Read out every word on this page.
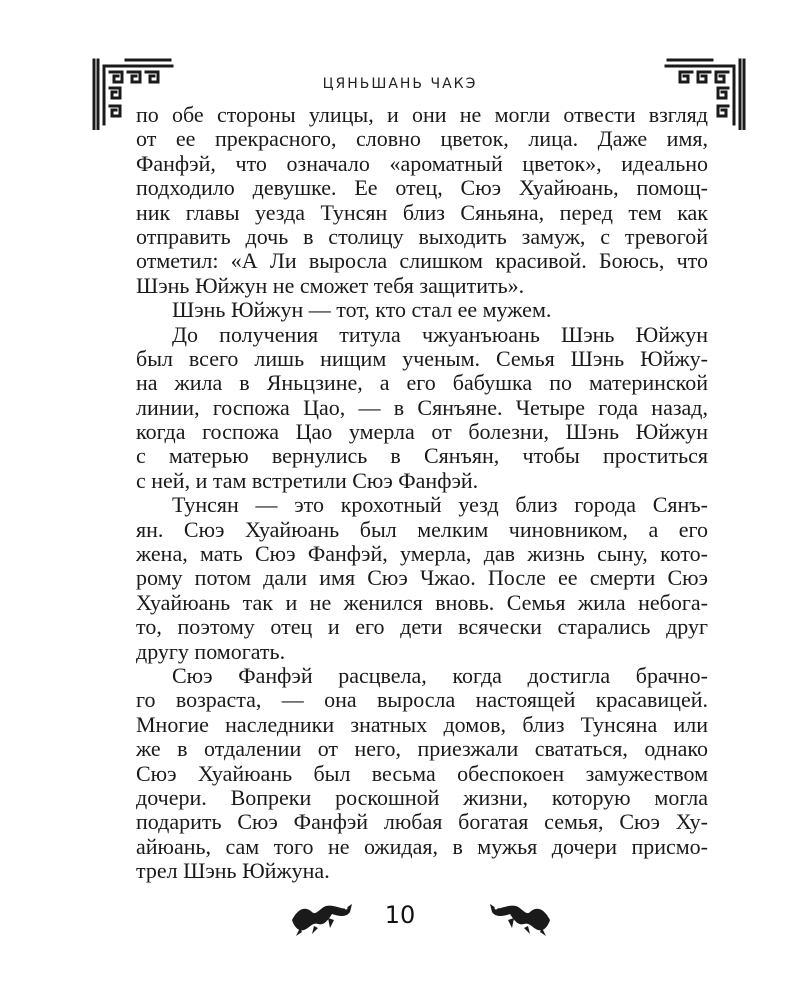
ЦЯНЬШАНЬ ЧАКЭ
по обе стороны улицы, и они не могли отвести взгляд
от ее прекрасного, словно цветок, лица. Даже имя,
Фанфэй, что означало «ароматный цветок», идеально
подходило девушке. Ее отец, Сюэ Хуайюань, помощ-
ник главы уезда Тунсян близ Сяньяна, перед тем как
отправить дочь в столицу выходить замуж, с тревогой
отметил: «А Ли выросла слишком красивой. Боюсь, что
Шэнь Юйжун не сможет тебя защитить».
Шэнь Юйжун — тот, кто стал ее мужем.
До получения титула чжуанъюань Шэнь Юйжун
был всего лишь нищим ученым. Семья Шэнь Юйжу-
на жила в Яньцзине, а его бабушка по материнской
линии, госпожа Цао, — в Сянъяне. Четыре года назад,
когда госпожа Цао умерла от болезни, Шэнь Юйжун
с матерью вернулись в Сянъян, чтобы проститься
с ней, и там встретили Сюэ Фанфэй.
Тунсян — это крохотный уезд близ города Сянъ-
ян. Сюэ Хуайюань был мелким чиновником, а его
жена, мать Сюэ Фанфэй, умерла, дав жизнь сыну, кото-
рому потом дали имя Сюэ Чжао. После ее смерти Сюэ
Хуайюань так и не женился вновь. Семья жила небога-
то, поэтому отец и его дети всячески старались друг
другу помогать.
Сюэ Фанфэй расцвела, когда достигла брачно-
го возраста, — она выросла настоящей красавицей.
Многие наследники знатных домов, близ Тунсяна или
же в отдалении от него, приезжали свататься, однако
Сюэ Хуайюань был весьма обеспокоен замужеством
дочери. Вопреки роскошной жизни, которую могла
подарить Сюэ Фанфэй любая богатая семья, Сюэ Ху-
айюань, сам того не ожидая, в мужья дочери присмо-
трел Шэнь Юйжуна.
10
